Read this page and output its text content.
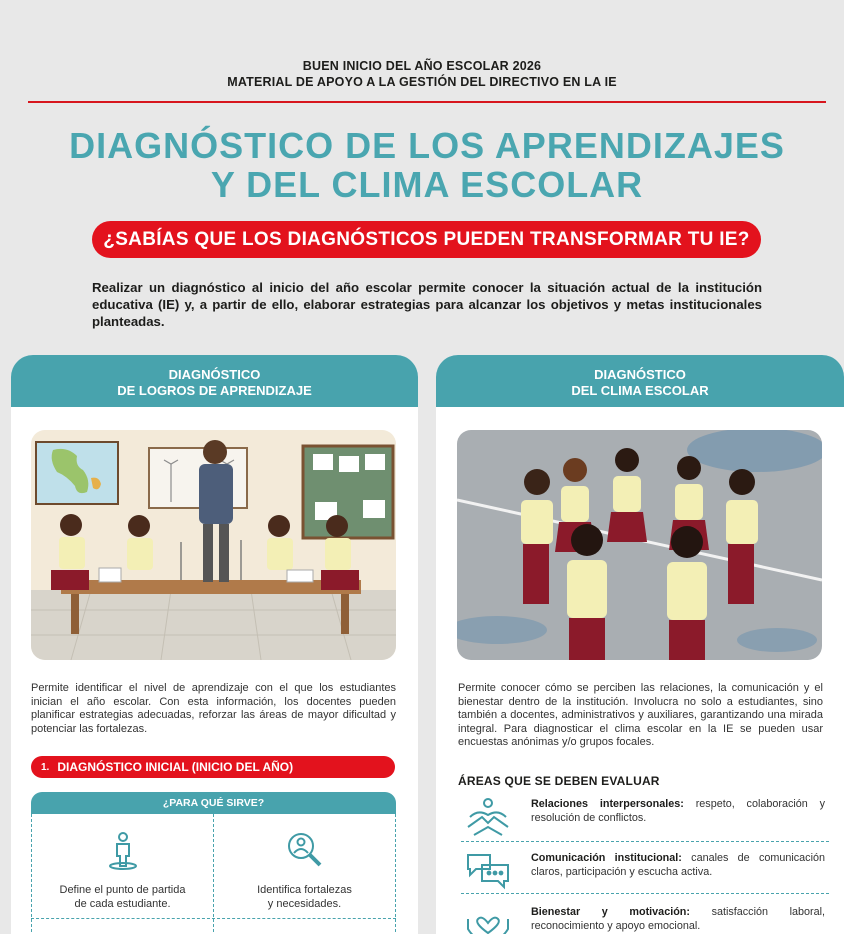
BUEN INICIO DEL AÑO ESCOLAR 2026
MATERIAL DE APOYO A LA GESTIÓN DEL DIRECTIVO EN LA IE
DIAGNÓSTICO DE LOS APRENDIZAJES
Y DEL CLIMA ESCOLAR
¿SABÍAS QUE LOS DIAGNÓSTICOS PUEDEN TRANSFORMAR TU IE?

Realizar un diagnóstico al inicio del año escolar permite conocer la situación actual de la institución educativa (IE) y, a partir de ello, elaborar estrategias para alcanzar los objetivos y metas institucionales planteadas.

DIAGNÓSTICO
DE LOGROS DE APRENDIZAJE

Permite identificar el nivel de aprendizaje con el que los estudiantes inician el año escolar. Con esta información, los docentes pueden planificar estrategias adecuadas, reforzar las áreas de mayor dificultad y potenciar las fortalezas.

1. DIAGNÓSTICO INICIAL (INICIO DEL AÑO)
¿PARA QUÉ SIRVE?
Define el punto de partida
de cada estudiante.
Identifica fortalezas
y necesidades.
DIAGNÓSTICO
DEL CLIMA ESCOLAR

Permite conocer cómo se perciben las relaciones, la comunicación y el bienestar dentro de la institución. Involucra no solo a estudiantes, sino también a docentes, administrativos y auxiliares, garantizando una mirada integral. Para diagnosticar el clima escolar en la IE se pueden usar encuestas anónimas y/o grupos focales.

ÁREAS QUE SE DEBEN EVALUAR
Relaciones interpersonales: respeto, colaboración y resolución de conflictos.
Comunicación institucional: canales de comunicación claros, participación y escucha activa.
Bienestar y motivación: satisfacción laboral, reconocimiento y apoyo emocional.
